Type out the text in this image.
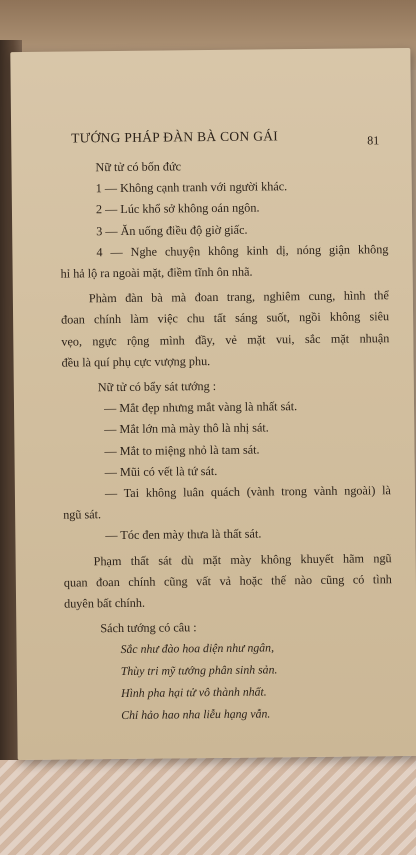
TƯỚNG PHÁP ĐÀN BÀ CON GÁI	81
Nữ tử có bốn đức
1 — Không cạnh tranh với người khác.
2 — Lúc khổ sở không oán ngôn.
3 — Ăn uống điều độ giờ giấc.
4 — Nghe chuyện không kinh dị, nóng giận không
hỉ hả lộ ra ngoài mặt, điềm tĩnh ôn nhã.
Phàm đàn bà mà đoan trang, nghiêm cung, hình thể
đoan chính làm việc chu tất sáng suốt, ngồi không siêu
vẹo, ngực rộng mình đầy, vẻ mặt vui, sắc mặt nhuận
đều là quí phụ cực vượng phu.
Nữ tử có bẩy sát tướng :
— Mắt đẹp nhưng mắt vàng là nhất sát.
— Mắt lớn mà mày thô là nhị sát.
— Mắt to miệng nhỏ là tam sát.
— Mũi có vết là tứ sát.
— Tai không luân quách (vành trong vành ngoài) là
ngũ sát.
— Tóc đen mày thưa là thất sát.
Phạm thất sát dù mặt mày không khuyết hãm ngũ
quan đoan chính cũng vất vả hoặc thế nào cũng có tình
duyên bất chính.
Sách tướng có câu :
Sắc như đào hoa diện như ngân,
Thùy tri mỹ tướng phân sinh sản.
Hình pha hại tử vô thành nhất.
Chỉ hảo hao nha liễu hạng vẫn.
